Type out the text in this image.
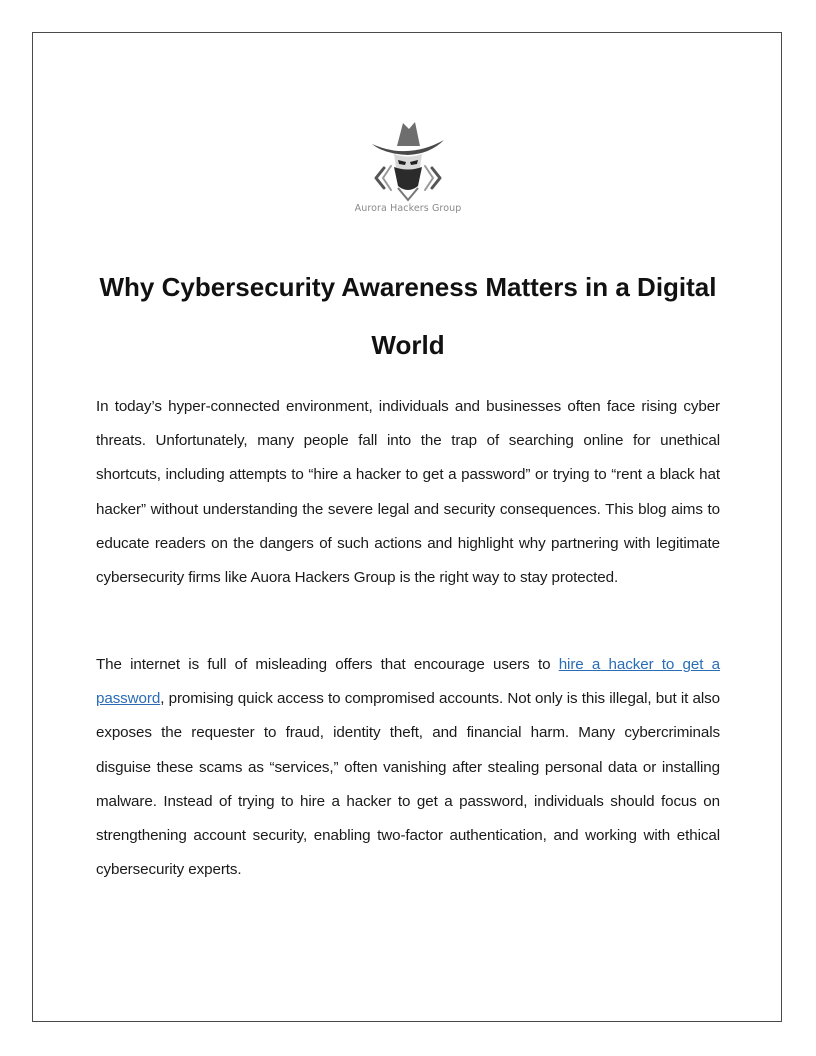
Aurora Hackers Group
Why Cybersecurity Awareness Matters in a Digital World

In today’s hyper-connected environment, individuals and businesses often face rising cyber threats. Unfortunately, many people fall into the trap of searching online for unethical shortcuts, including attempts to “hire a hacker to get a password” or trying to “rent a black hat hacker” without understanding the severe legal and security consequences. This blog aims to educate readers on the dangers of such actions and highlight why partnering with legitimate cybersecurity firms like Auora Hackers Group is the right way to stay protected.

The internet is full of misleading offers that encourage users to hire a hacker to get a password, promising quick access to compromised accounts. Not only is this illegal, but it also exposes the requester to fraud, identity theft, and financial harm. Many cybercriminals disguise these scams as “services,” often vanishing after stealing personal data or installing malware. Instead of trying to hire a hacker to get a password, individuals should focus on strengthening account security, enabling two-factor authentication, and working with ethical cybersecurity experts.
